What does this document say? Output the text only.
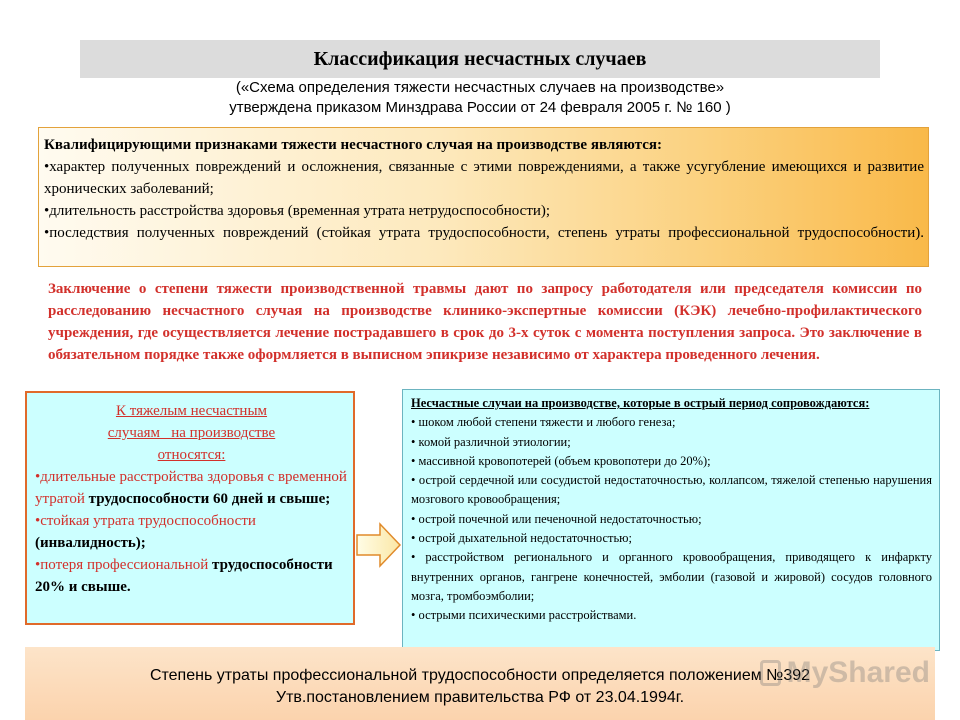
Классификация несчастных случаев
(«Схема определения тяжести несчастных случаев на производстве»
утверждена приказом Минздрава России от 24 февраля 2005 г. № 160 )
Квалифицирующими признаками тяжести несчастного случая на производстве являются:
•характер полученных повреждений и осложнения, связанные с этими повреждениями, а также усугубление имеющихся и развитие хронических заболеваний;
•длительность расстройства здоровья (временная утрата нетрудоспособности);
•последствия полученных повреждений (стойкая утрата трудоспособности, степень утраты профессиональной трудоспособности).
Заключение о степени тяжести производственной травмы дают по запросу работодателя или председателя комиссии по расследованию несчастного случая на производстве клинико-экспертные комиссии (КЭК) лечебно-профилактического учреждения, где осуществляется лечение пострадавшего в срок до 3-х суток с момента поступления запроса. Это заключение в обязательном порядке также оформляется в выписном эпикризе независимо от характера проведенного лечения.
К тяжелым несчастным
случаям   на производстве
относятся:
•длительные расстройства здоровья с временной утратой трудоспособности 60 дней и свыше;
•стойкая утрата трудоспособности (инвалидность);
•потеря профессиональной трудоспособности 20% и свыше.
Несчастные случаи на производстве, которые в острый период сопровождаются:
• шоком любой степени тяжести и любого генеза;
• комой различной этиологии;
• массивной кровопотерей (объем кровопотери до 20%);
• острой сердечной или сосудистой недостаточностью, коллапсом, тяжелой степенью нарушения мозгового кровообращения;
• острой почечной или печеночной недостаточностью;
• острой дыхательной недостаточностью;
• расстройством регионального и органного кровообращения, приводящего к инфаркту внутренних органов, гангрене конечностей, эмболии (газовой и жировой) сосудов головного мозга, тромбоэмболии;
• острыми психическими расстройствами.
Степень утраты профессиональной трудоспособности определяется положением №392
Утв.постановлением правительства РФ от 23.04.1994г.
MyShared
